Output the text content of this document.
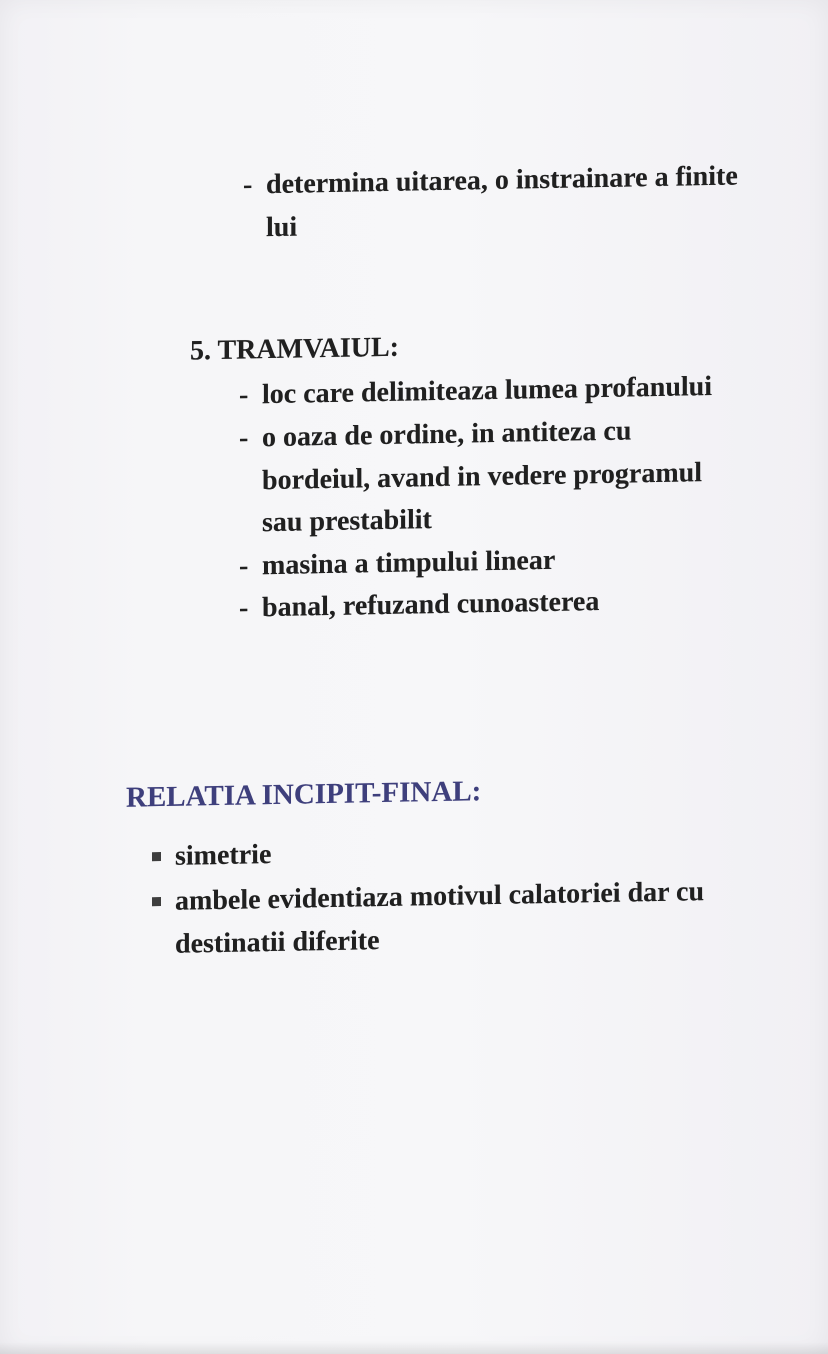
- determina uitarea, o instrainare a finite
lui
5. TRAMVAIUL:
- loc care delimiteaza lumea profanului
- o oaza de ordine, in antiteza cu
bordeiul, avand in vedere programul
sau prestabilit
- masina a timpului linear
- banal, refuzand cunoasterea
RELATIA INCIPIT-FINAL:
simetrie
ambele evidentiaza motivul calatoriei dar cu
destinatii diferite
